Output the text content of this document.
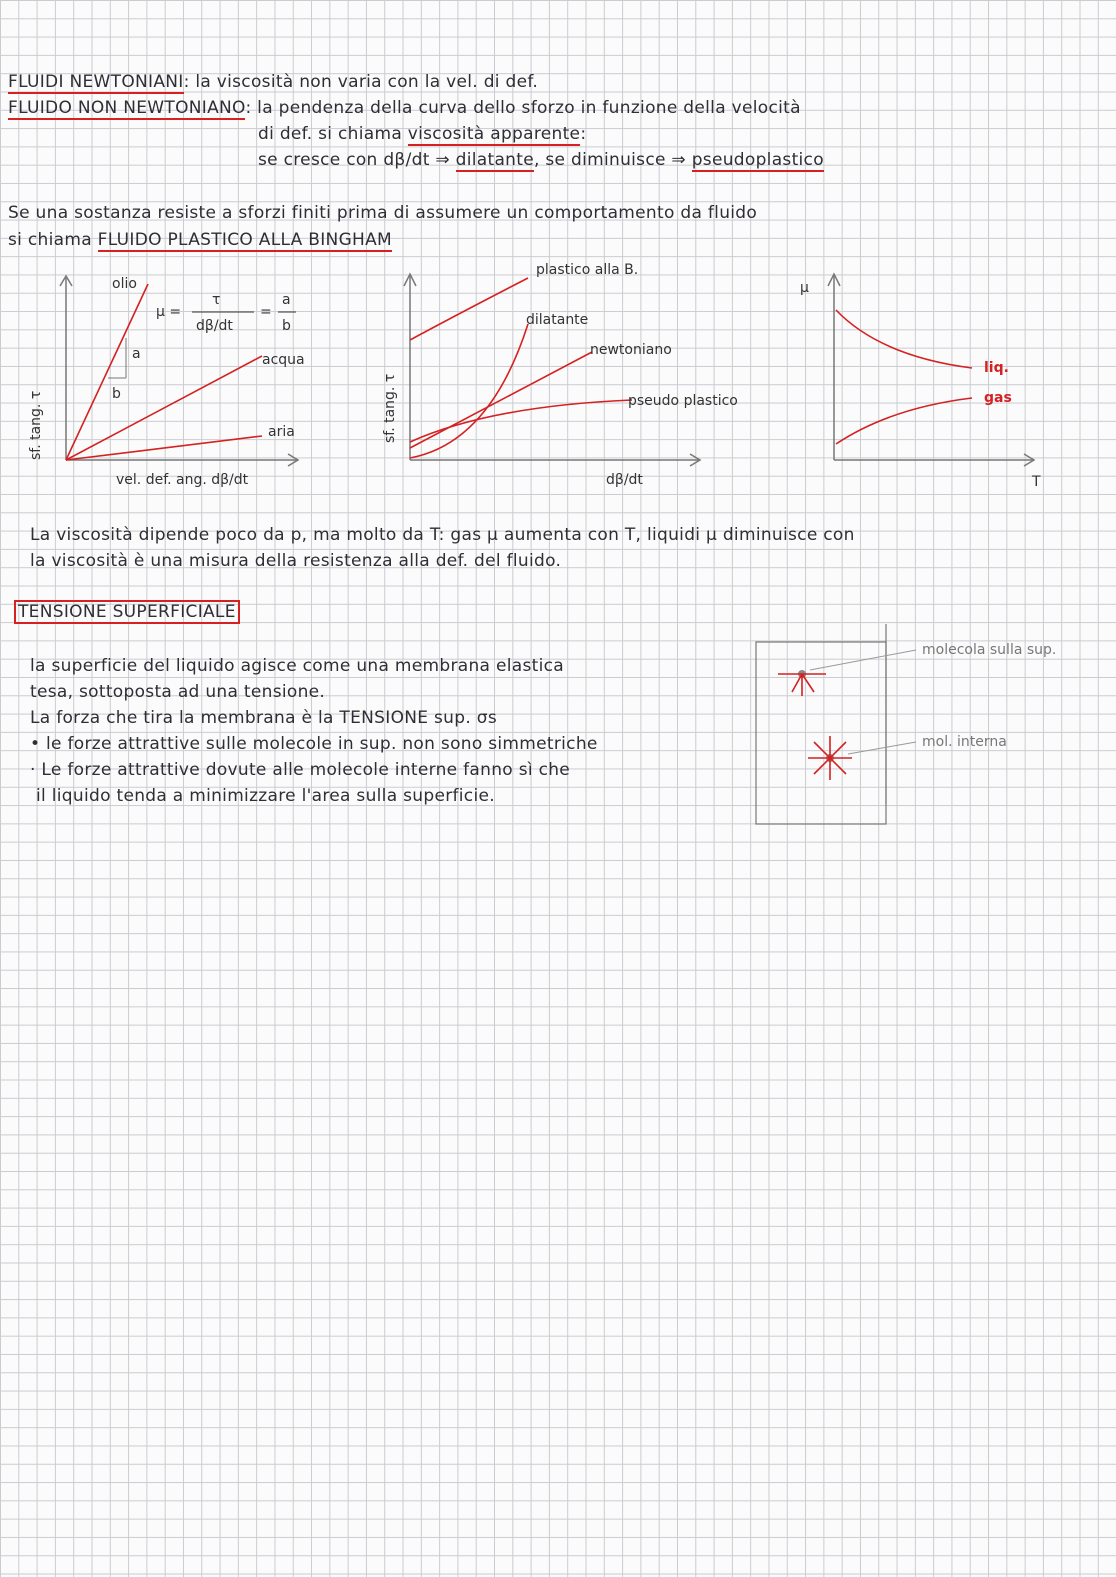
FLUIDI NEWTONIANI: la viscosità non varia con la vel. di def.
FLUIDO NON NEWTONIANO: la pendenza della curva dello sforzo in funzione della velocità
di def. si chiama viscosità apparente:
se cresce con dβ/dt ⇒ dilatante, se diminuisce ⇒ pseudoplastico
Se una sostanza resiste a sforzi finiti prima di assumere un comportamento da fluido
si chiama FLUIDO PLASTICO ALLA BINGHAM
olio
a
b
acqua
aria
sf. tang. τ
vel. def. ang. dβ/dt
μ =
τ
dβ/dt
=
a
b
plastico alla B.
dilatante
newtoniano
pseudo plastico
sf. tang. τ
dβ/dt
μ
T
liq.
gas
La viscosità dipende poco da p, ma molto da T: gas μ aumenta con T, liquidi μ diminuisce con
la viscosità è una misura della resistenza alla def. del fluido.
TENSIONE SUPERFICIALE
la superficie del liquido agisce come una membrana elastica
tesa, sottoposta ad una tensione.
La forza che tira la membrana è la TENSIONE sup. σs
• le forze attrattive sulle molecole in sup. non sono simmetriche
· Le forze attrattive dovute alle molecole interne fanno sì che
il liquido tenda a minimizzare l'area sulla superficie.
molecola sulla sup.
mol. interna
